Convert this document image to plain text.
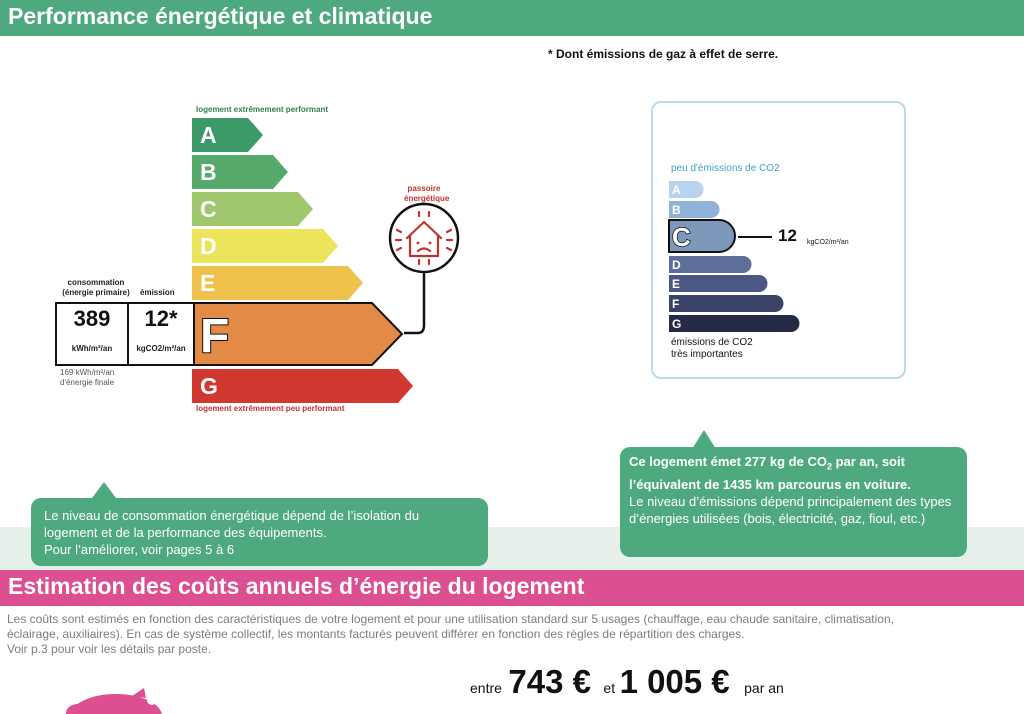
Performance énergétique et climatique
* Dont émissions de gaz à effet de serre.
logement extrêmement performant
A
B
C
D
E
F
G
A
B
C
D
E
F
G
logement extrêmement peu performant
passoire énergétique
consommation (énergie primaire)	émission
389
kWh/m²/an
12*
kgCO2/m²/an
169 kWh/m²/an d'énergie finale
peu d'émissions de CO2
12 kgCO2/m²/an
émissions de CO2 très importantes
Le niveau de consommation énergétique dépend de l’isolation du
logement et de la performance des équipements.
Pour l’améliorer, voir pages 5 à 6
Ce logement émet 277 kg de $CO_2$ par an, soit l’équivalent de 1435 km parcourus en voiture.
Le niveau d’émissions dépend principalement des types d’énergies utilisées (bois, électricité, gaz, fioul, etc.)
Estimation des coûts annuels d’énergie du logement
Les coûts sont estimés en fonction des caractéristiques de votre logement et pour une utilisation standard sur 5 usages (chauffage, eau chaude sanitaire, climatisation,
éclairage, auxiliaires). En cas de système collectif, les montants facturés peuvent différer en fonction des règles de répartition des charges.
Voir p.3 pour voir les détails par poste.
entre 743 € et 1 005 € par an
